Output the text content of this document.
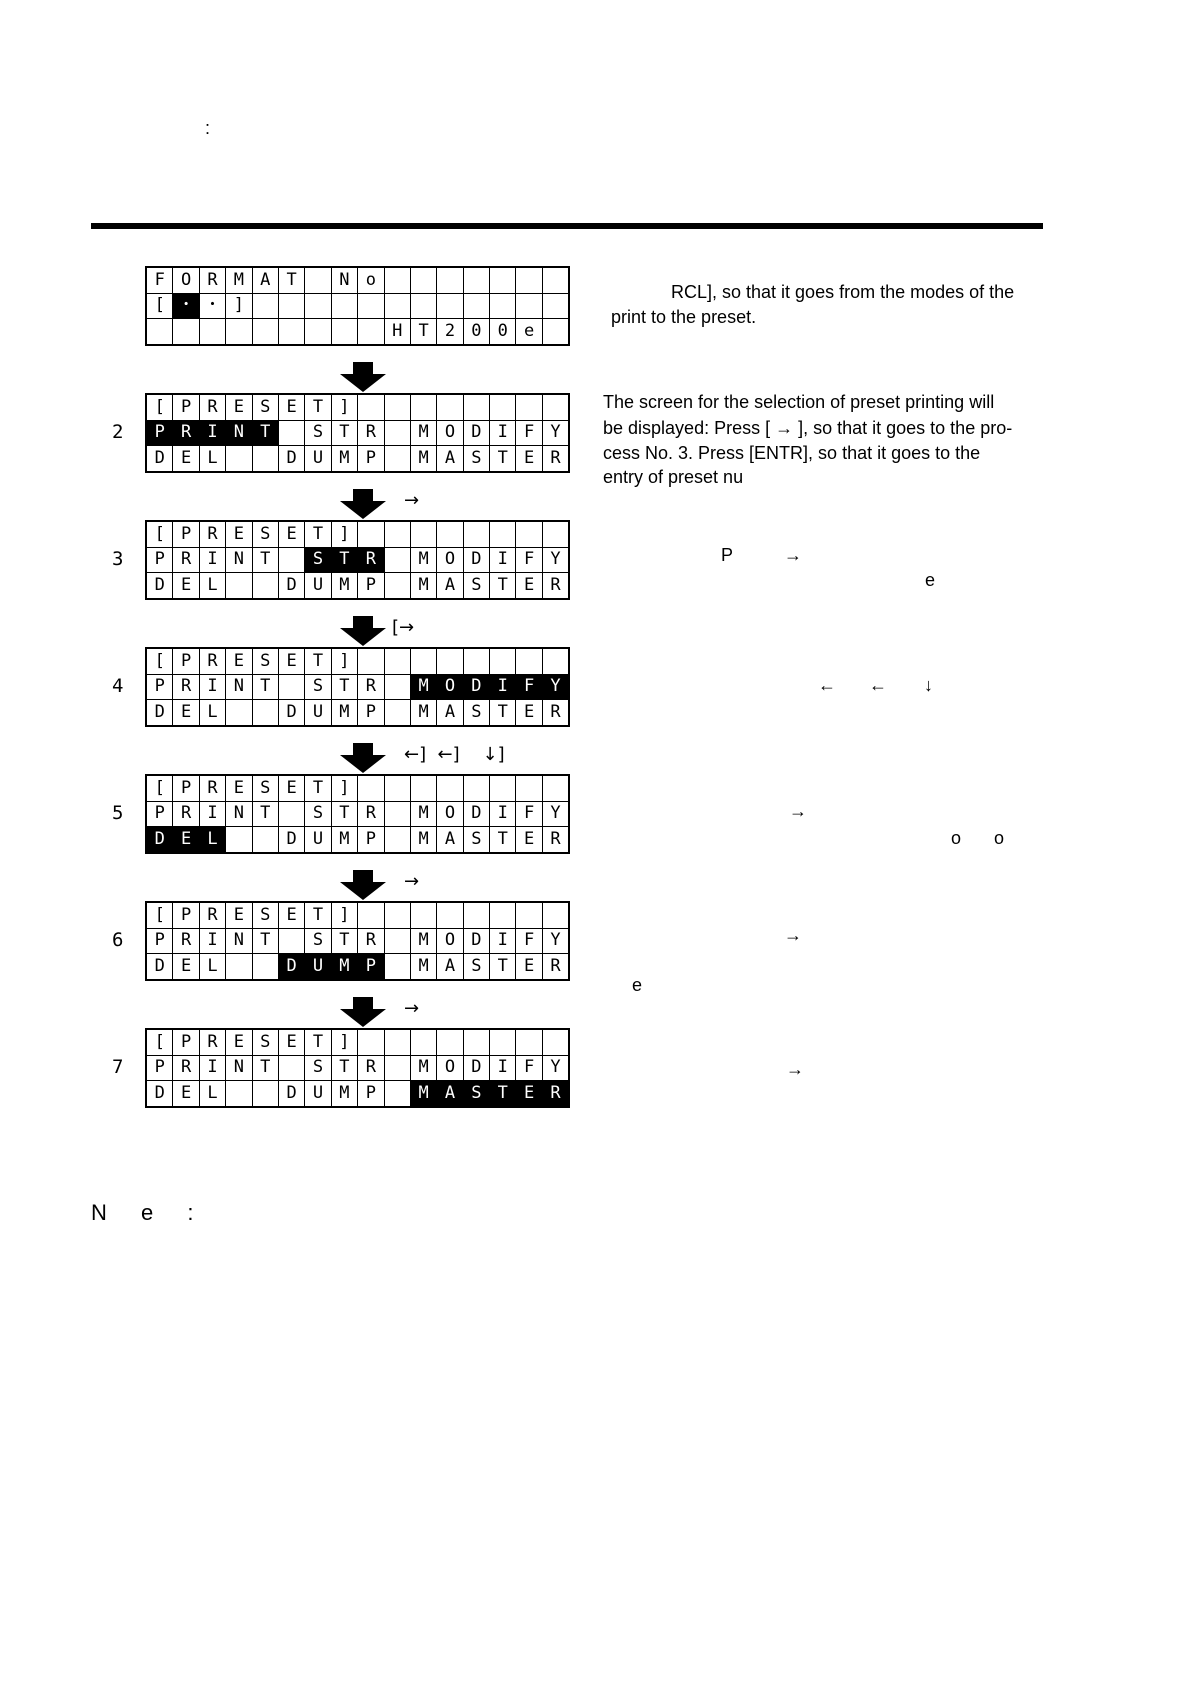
:
F	O	R	M	A	T		N	o							
[	・	・	]												
									H	T	2	0	0	e	
2
[	P	R	E	S	E	T	]								
P	R	I	N	T		S	T	R		M	O	D	I	F	Y
D	E	L			D	U	M	P		M	A	S	T	E	R
3
[	P	R	E	S	E	T	]								
P	R	I	N	T		S	T	R		M	O	D	I	F	Y
D	E	L			D	U	M	P		M	A	S	T	E	R
4
[	P	R	E	S	E	T	]								
P	R	I	N	T		S	T	R		M	O	D	I	F	Y
D	E	L			D	U	M	P		M	A	S	T	E	R
5
[	P	R	E	S	E	T	]								
P	R	I	N	T		S	T	R		M	O	D	I	F	Y
D	E	L			D	U	M	P		M	A	S	T	E	R
6
[	P	R	E	S	E	T	]								
P	R	I	N	T		S	T	R		M	O	D	I	F	Y
D	E	L			D	U	M	P		M	A	S	T	E	R
7
[	P	R	E	S	E	T	]								
P	R	I	N	T		S	T	R		M	O	D	I	F	Y
D	E	L			D	U	M	P		M	A	S	T	E	R
→
[→
←]  ←]    ↓]
→
→
RCL], so that it goes from the modes of the
print to the preset.
The screen for the selection of preset printing will
be displayed: Press [ → ], so that it goes to the pro-
cess No. 3. Press [ENTR], so that it goes to the
entry of preset nu
P	→
e
← ← ↓
→
o o
→
e
→
N e :
